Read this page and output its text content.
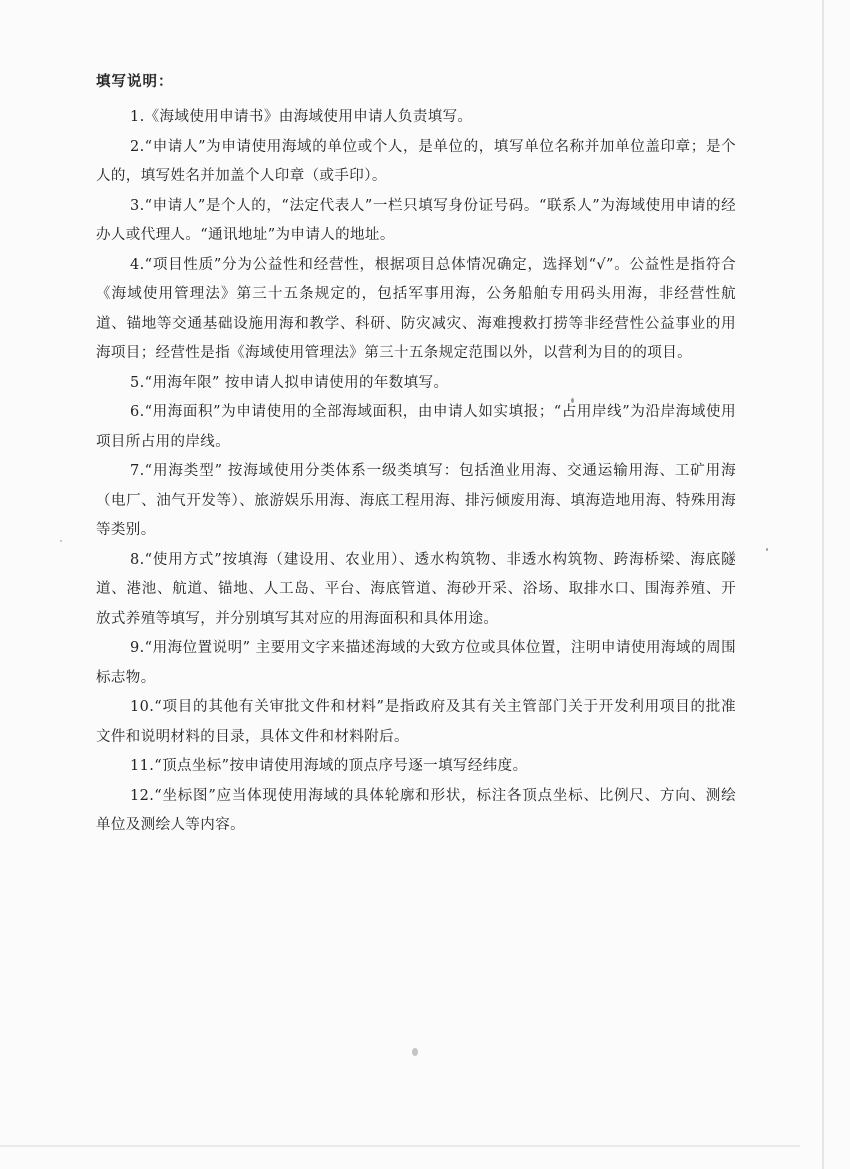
填写说明：

1.《海域使用申请书》由海域使用申请人负责填写。

2.“申请人”为申请使用海域的单位或个人，是单位的，填写单位名称并加单位盖印章；是个人的，填写姓名并加盖个人印章（或手印）。

3.“申请人”是个人的，“法定代表人”一栏只填写身份证号码。“联系人”为海域使用申请的经办人或代理人。“通讯地址”为申请人的地址。

4.“项目性质”分为公益性和经营性，根据项目总体情况确定，选择划“√”。公益性是指符合《海域使用管理法》第三十五条规定的，包括军事用海，公务船舶专用码头用海，非经营性航道、锚地等交通基础设施用海和教学、科研、防灾减灾、海难搜救打捞等非经营性公益事业的用海项目；经营性是指《海域使用管理法》第三十五条规定范围以外，以营利为目的的项目。

5.“用海年限” 按申请人拟申请使用的年数填写。

6.“用海面积”为申请使用的全部海域面积，由申请人如实填报；“占用岸线”为沿岸海域使用项目所占用的岸线。

7.“用海类型” 按海域使用分类体系一级类填写：包括渔业用海、交通运输用海、工矿用海（电厂、油气开发等）、旅游娱乐用海、海底工程用海、排污倾废用海、填海造地用海、特殊用海等类别。

8.“使用方式”按填海（建设用、农业用）、透水构筑物、非透水构筑物、跨海桥梁、海底隧道、港池、航道、锚地、人工岛、平台、海底管道、海砂开采、浴场、取排水口、围海养殖、开放式养殖等填写，并分别填写其对应的用海面积和具体用途。

9.“用海位置说明” 主要用文字来描述海域的大致方位或具体位置，注明申请使用海域的周围标志物。

10.“项目的其他有关审批文件和材料”是指政府及其有关主管部门关于开发利用项目的批准文件和说明材料的目录，具体文件和材料附后。

11.“顶点坐标”按申请使用海域的顶点序号逐一填写经纬度。

12.“坐标图”应当体现使用海域的具体轮廓和形状，标注各顶点坐标、比例尺、方向、测绘单位及测绘人等内容。
